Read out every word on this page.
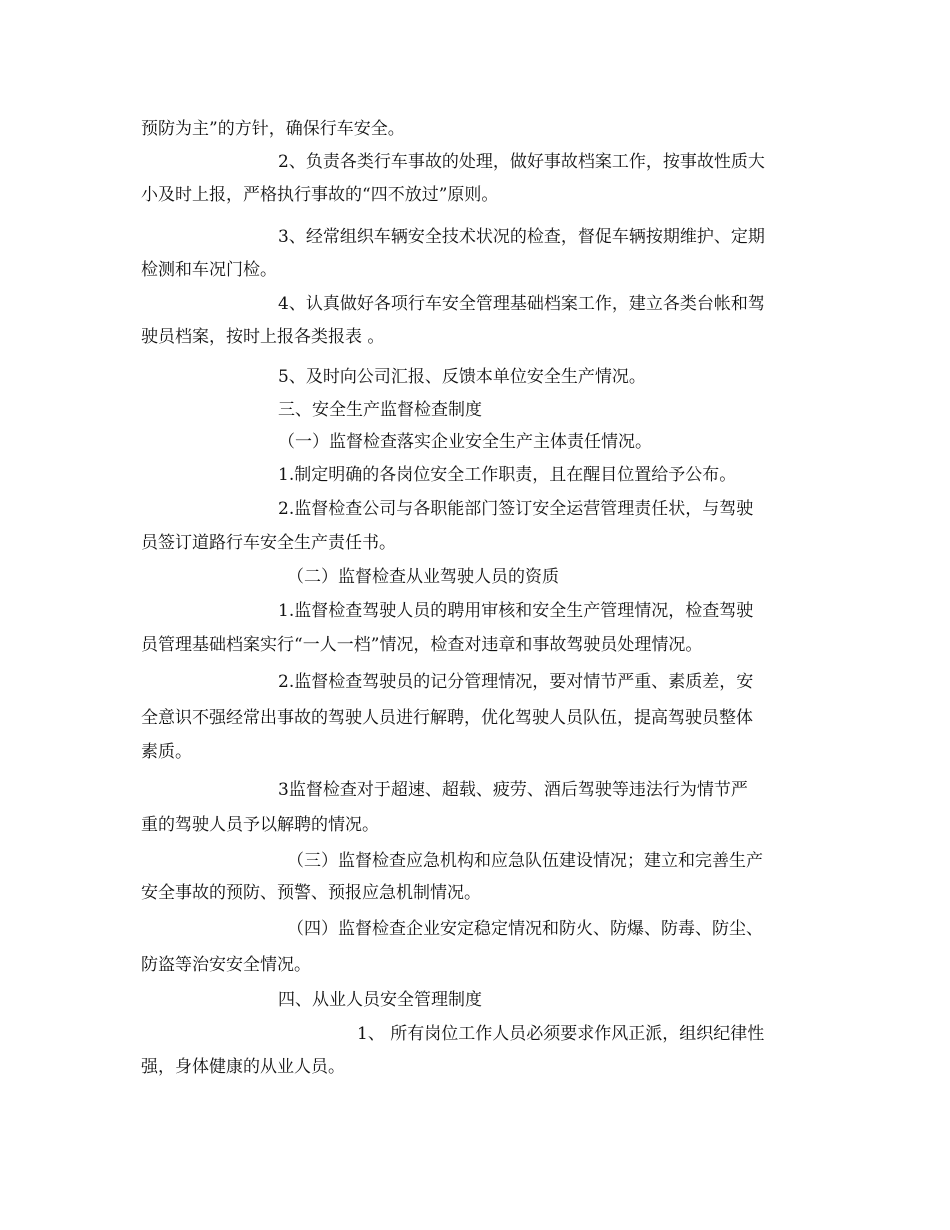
预防为主”的方针，确保行车安全。
2、负责各类行车事故的处理，做好事故档案工作，按事故性质大
小及时上报，严格执行事故的“四不放过”原则。
3、经常组织车辆安全技术状况的检查，督促车辆按期维护、定期
检测和车况门检。
4、认真做好各项行车安全管理基础档案工作，建立各类台帐和驾
驶员档案，按时上报各类报表 。
5、及时向公司汇报、反馈本单位安全生产情况。
三、安全生产监督检查制度
（一）监督检查落实企业安全生产主体责任情况。
1.制定明确的各岗位安全工作职责，且在醒目位置给予公布。
2.监督检查公司与各职能部门签订安全运营管理责任状，与驾驶
员签订道路行车安全生产责任书。
（二）监督检查从业驾驶人员的资质
1.监督检查驾驶人员的聘用审核和安全生产管理情况，检查驾驶
员管理基础档案实行“一人一档”情况，检查对违章和事故驾驶员处理情况。
2.监督检查驾驶员的记分管理情况，要对情节严重、素质差，安
全意识不强经常出事故的驾驶人员进行解聘，优化驾驶人员队伍，提高驾驶员整体
素质。
3监督检查对于超速、超载、疲劳、酒后驾驶等违法行为情节严
重的驾驶人员予以解聘的情况。
（三）监督检查应急机构和应急队伍建设情况；建立和完善生产
安全事故的预防、预警、预报应急机制情况。
（四）监督检查企业安定稳定情况和防火、防爆、防毒、防尘、
防盗等治安安全情况。
四、从业人员安全管理制度
1、 所有岗位工作人员必须要求作风正派，组织纪律性
强，身体健康的从业人员。
